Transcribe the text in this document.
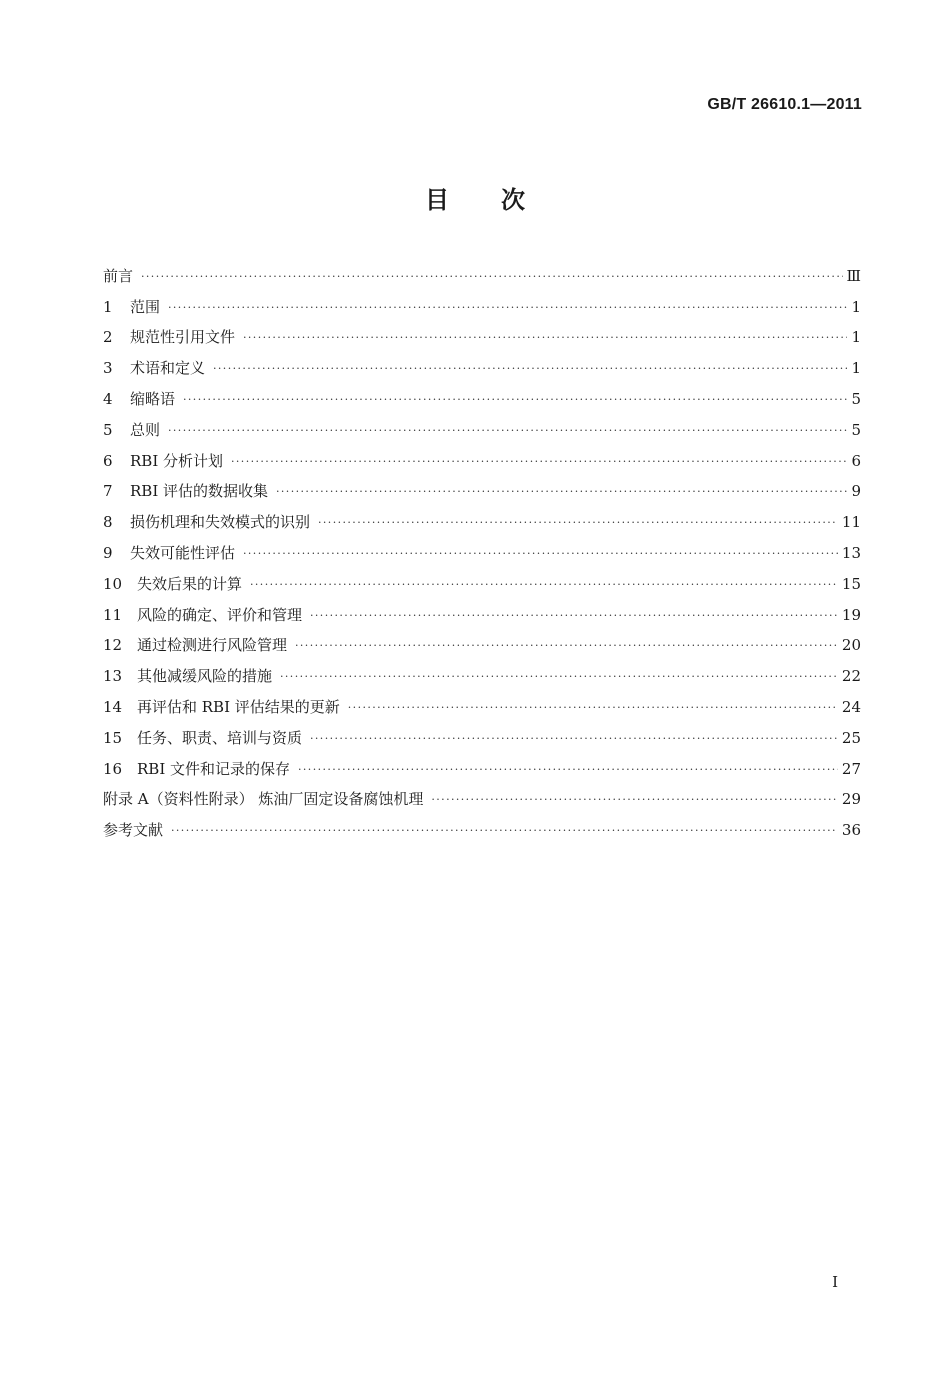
GB/T 26610.1—2011
目 次
前言 ·····	Ⅲ
1	范围 ·····	1
2	规范性引用文件 ·····	1
3	术语和定义 ·····	1
4	缩略语 ·····	5
5	总则 ·····	5
6	RBI 分析计划 ·····	6
7	RBI 评估的数据收集 ·····	9
8	损伤机理和失效模式的识别 ·····	11
9	失效可能性评估 ·····	13
10 失效后果的计算 ·····	15
11 风险的确定、评价和管理 ·····	19
12 通过检测进行风险管理 ·····	20
13 其他减缓风险的措施 ·····	22
14 再评估和 RBI 评估结果的更新 ·····	24
15 任务、职责、培训与资质 ·····	25
16 RBI 文件和记录的保存 ·····	27
附录 A（资料性附录） 炼油厂固定设备腐蚀机理 ·····	29
参考文献 ·····	36
I
